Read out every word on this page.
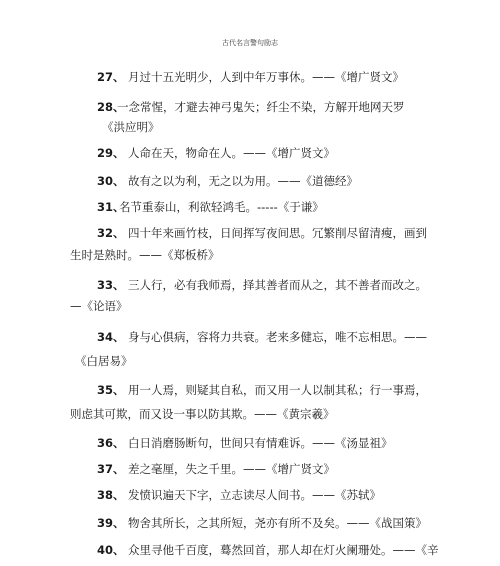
古代名言警句励志
27、 月过十五光明少，人到中年万事休。——《增广贤文》
28、一念常惺，才避去神弓鬼矢；纤尘不染，方解开地网天罗
《洪应明》
29、 人命在天，物命在人。——《增广贤文》
30、 故有之以为利，无之以为用。——《道德经》
31、名节重泰山，利欲轻鸿毛。-----《于谦》
32、 四十年来画竹枝，日间挥写夜间思。冗繁削尽留清瘦，画到
生时是熟时。——《郑板桥》
33、 三人行，必有我师焉，择其善者而从之，其不善者而改之。
—《论语》
34、 身与心俱病，容将力共衰。老来多健忘，唯不忘相思。——
《白居易》
35、 用一人焉，则疑其自私，而又用一人以制其私；行一事焉，
则虑其可欺，而又设一事以防其欺。——《黄宗羲》
36、 白日消磨肠断句，世间只有情难诉。——《汤显祖》
37、 差之毫厘，失之千里。——《增广贤文》
38、 发愤识遍天下字，立志读尽人间书。——《苏轼》
39、 物舍其所长，之其所短，尧亦有所不及矣。——《战国策》
40、 众里寻他千百度，蓦然回首，那人却在灯火阑珊处。——《辛
